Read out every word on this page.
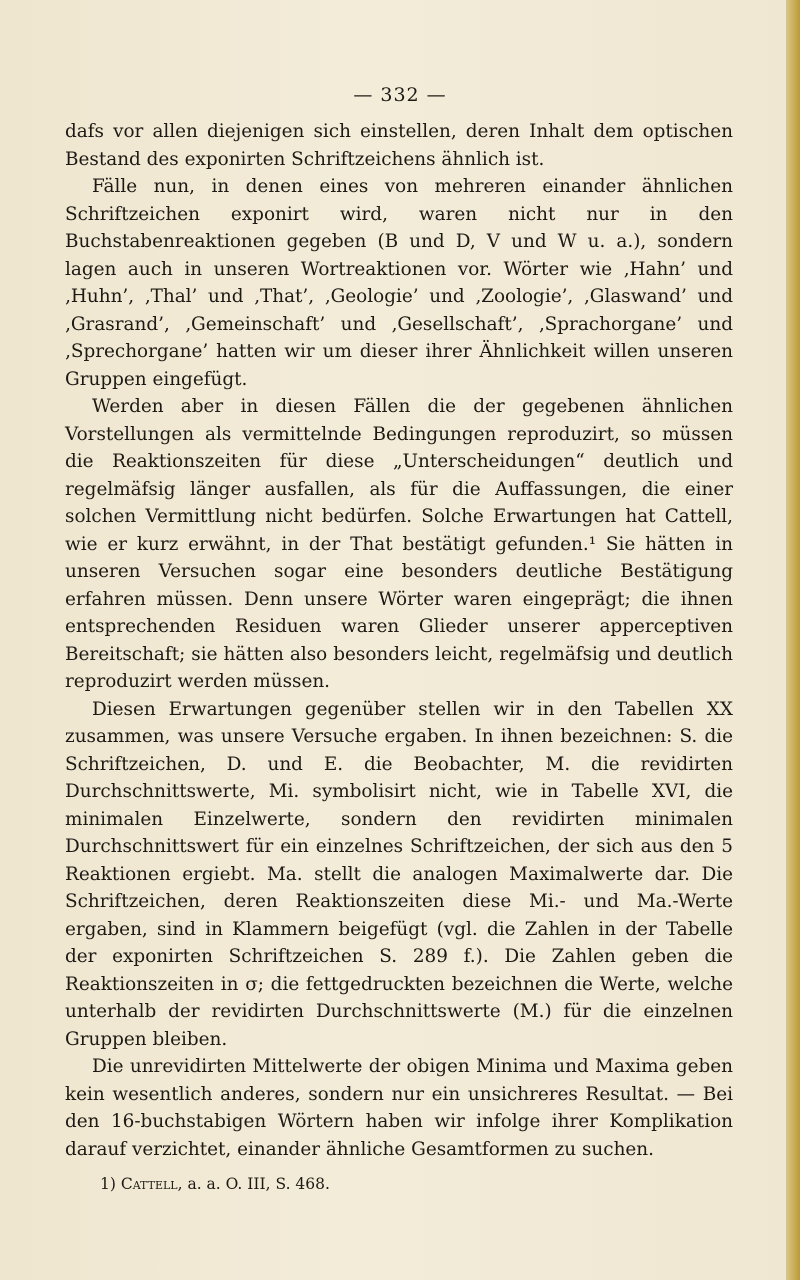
— 332 —

dafs vor allen diejenigen sich einstellen, deren Inhalt dem optischen Bestand des exponirten Schriftzeichens ähnlich ist.

Fälle nun, in denen eines von mehreren einander ähnlichen Schriftzeichen exponirt wird, waren nicht nur in den Buchstabenreaktionen gegeben (B und D, V und W u. a.), sondern lagen auch in unseren Wortreaktionen vor. Wörter wie ‚Hahn’ und ‚Huhn’, ‚Thal’ und ‚That’, ‚Geologie’ und ‚Zoologie’, ‚Glaswand’ und ‚Grasrand’, ‚Gemeinschaft’ und ‚Gesellschaft’, ‚Sprachorgane’ und ‚Sprechorgane’ hatten wir um dieser ihrer Ähnlichkeit willen unseren Gruppen eingefügt.

Werden aber in diesen Fällen die der gegebenen ähnlichen Vorstellungen als vermittelnde Bedingungen reproduzirt, so müssen die Reaktionszeiten für diese „Unterscheidungen“ deutlich und regelmäfsig länger ausfallen, als für die Auffassungen, die einer solchen Vermittlung nicht bedürfen. Solche Erwartungen hat Cattell, wie er kurz erwähnt, in der That bestätigt gefunden.¹ Sie hätten in unseren Versuchen sogar eine besonders deutliche Bestätigung erfahren müssen. Denn unsere Wörter waren eingeprägt; die ihnen entsprechenden Residuen waren Glieder unserer apperceptiven Bereitschaft; sie hätten also besonders leicht, regelmäfsig und deutlich reproduzirt werden müssen.

Diesen Erwartungen gegenüber stellen wir in den Tabellen XX zusammen, was unsere Versuche ergaben. In ihnen bezeichnen: S. die Schriftzeichen, D. und E. die Beobachter, M. die revidirten Durchschnittswerte, Mi. symbolisirt nicht, wie in Tabelle XVI, die minimalen Einzelwerte, sondern den revidirten minimalen Durchschnittswert für ein einzelnes Schriftzeichen, der sich aus den 5 Reaktionen ergiebt. Ma. stellt die analogen Maximalwerte dar. Die Schriftzeichen, deren Reaktionszeiten diese Mi.- und Ma.-Werte ergaben, sind in Klammern beigefügt (vgl. die Zahlen in der Tabelle der exponirten Schriftzeichen S. 289 f.). Die Zahlen geben die Reaktionszeiten in σ; die fettgedruckten bezeichnen die Werte, welche unterhalb der revidirten Durchschnittswerte (M.) für die einzelnen Gruppen bleiben.

Die unrevidirten Mittelwerte der obigen Minima und Maxima geben kein wesentlich anderes, sondern nur ein unsichreres Resultat. — Bei den 16-buchstabigen Wörtern haben wir infolge ihrer Komplikation darauf verzichtet, einander ähnliche Gesamtformen zu suchen.

1) Cattell, a. a. O. III, S. 468.
